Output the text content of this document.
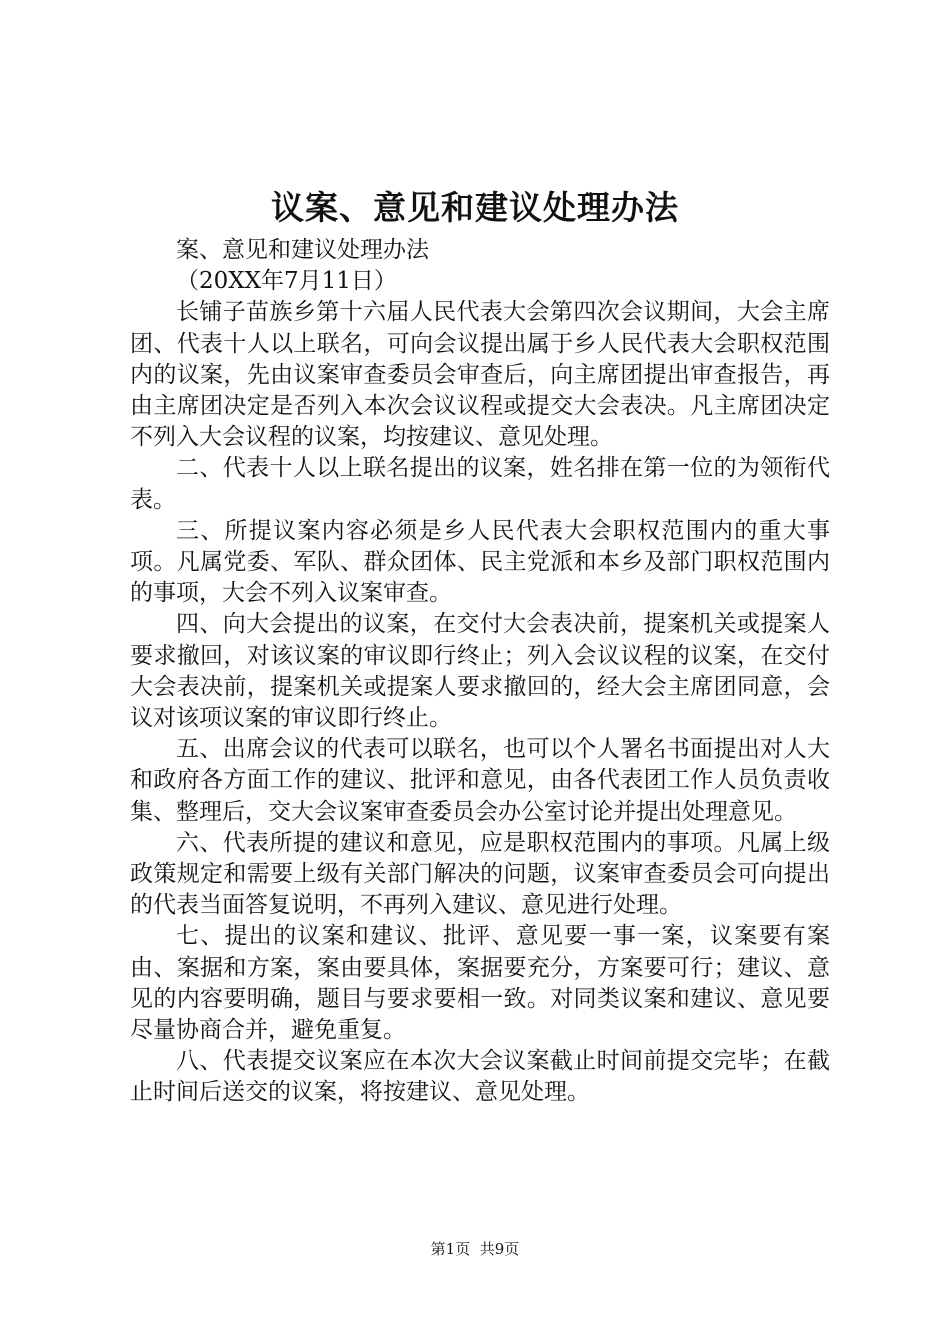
议案、意见和建议处理办法

案、意见和建议处理办法

（20XX年7月11日）

长铺子苗族乡第十六届人民代表大会第四次会议期间，大会主席团、代表十人以上联名，可向会议提出属于乡人民代表大会职权范围内的议案，先由议案审查委员会审查后，向主席团提出审查报告，再由主席团决定是否列入本次会议议程或提交大会表决。凡主席团决定不列入大会议程的议案，均按建议、意见处理。

二、代表十人以上联名提出的议案，姓名排在第一位的为领衔代表。

三、所提议案内容必须是乡人民代表大会职权范围内的重大事项。凡属党委、军队、群众团体、民主党派和本乡及部门职权范围内的事项，大会不列入议案审查。

四、向大会提出的议案，在交付大会表决前，提案机关或提案人要求撤回，对该议案的审议即行终止；列入会议议程的议案，在交付大会表决前，提案机关或提案人要求撤回的，经大会主席团同意，会议对该项议案的审议即行终止。

五、出席会议的代表可以联名，也可以个人署名书面提出对人大和政府各方面工作的建议、批评和意见，由各代表团工作人员负责收集、整理后，交大会议案审查委员会办公室讨论并提出处理意见。

六、代表所提的建议和意见，应是职权范围内的事项。凡属上级政策规定和需要上级有关部门解决的问题，议案审查委员会可向提出的代表当面答复说明，不再列入建议、意见进行处理。

七、提出的议案和建议、批评、意见要一事一案，议案要有案由、案据和方案，案由要具体，案据要充分，方案要可行；建议、意见的内容要明确，题目与要求要相一致。对同类议案和建议、意见要尽量协商合并，避免重复。

八、代表提交议案应在本次大会议案截止时间前提交完毕；在截止时间后送交的议案，将按建议、意见处理。

第1页 共9页
